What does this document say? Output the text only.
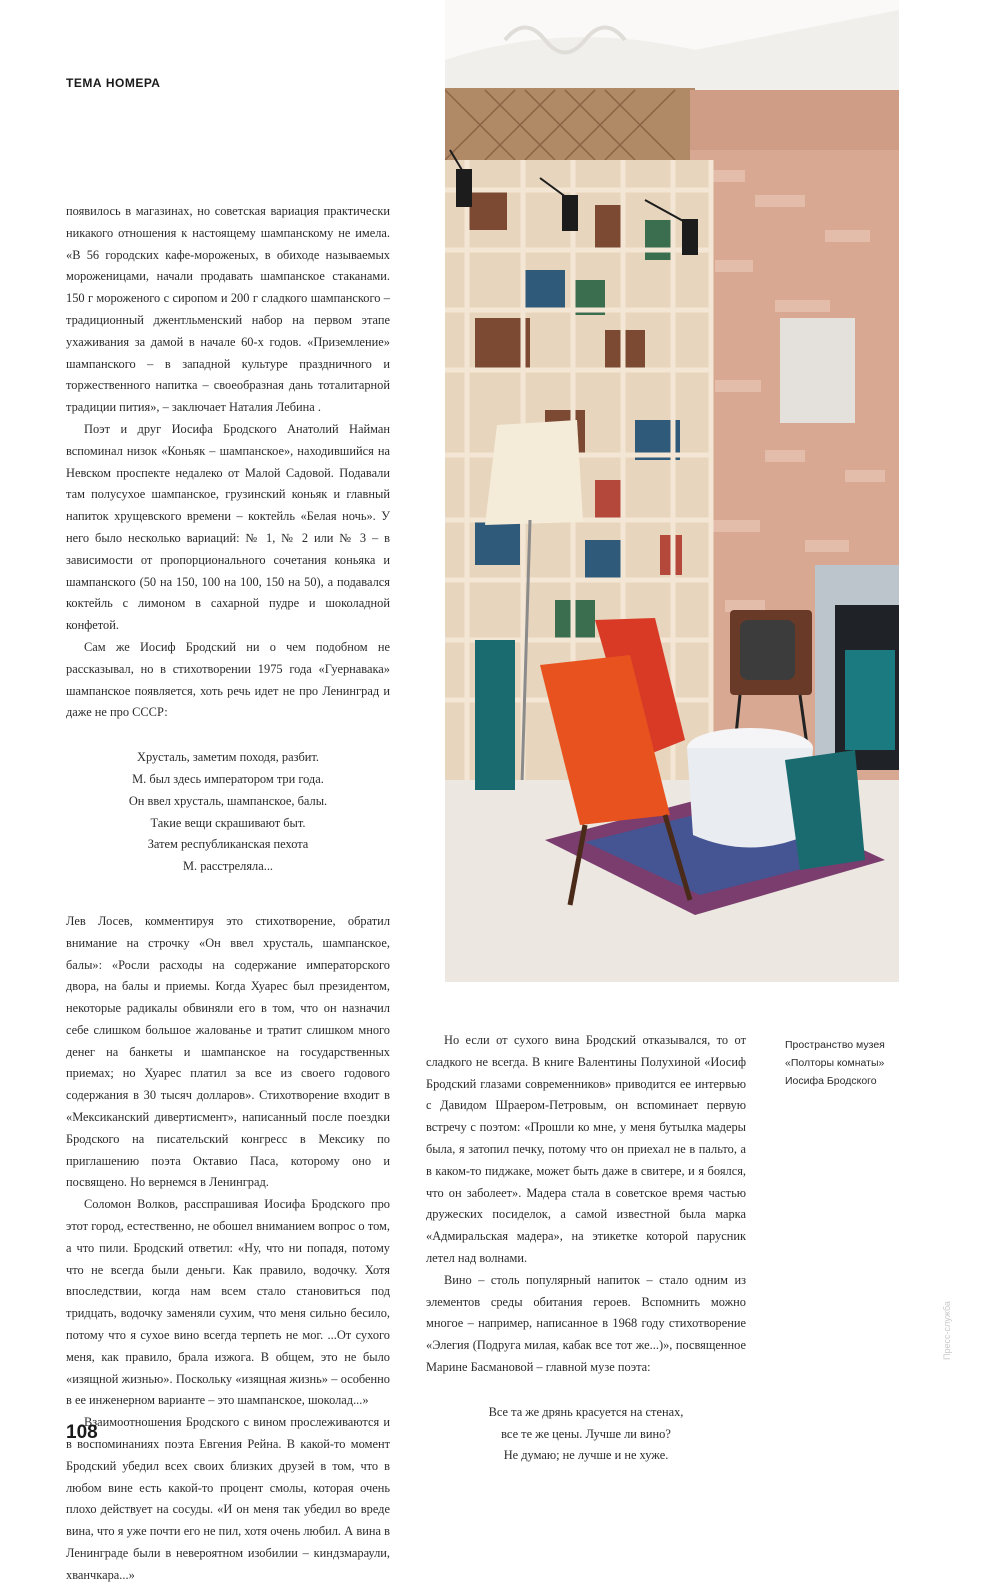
ТЕМА НОМЕРА

появилось в магазинах, но советская вариация практически никакого отношения к настоящему шампанскому не имела. «В 56 городских кафе-мороженых, в обиходе называемых мороженицами, начали продавать шампанское стаканами. 150 г мороженого с сиропом и 200 г сладкого шампанского – традиционный джентльменский набор на первом этапе ухаживания за дамой в начале 60-х годов. «Приземление» шампанского – в западной культуре праздничного и торжественного напитка – своеобразная дань тоталитарной традиции пития», – заключает Наталия Лебина .

Поэт и друг Иосифа Бродского Анатолий Найман вспоминал низок «Коньяк – шампанское», находившийся на Невском проспекте недалеко от Малой Садовой. Подавали там полусухое шампанское, грузинский коньяк и главный напиток хрущевского времени – коктейль «Белая ночь». У него было несколько вариаций: № 1, № 2 или № 3 – в зависимости от пропорционального сочетания коньяка и шампанского (50 на 150, 100 на 100, 150 на 50), а подавался коктейль с лимоном в сахарной пудре и шоколадной конфетой.

Сам же Иосиф Бродский ни о чем подобном не рассказывал, но в стихотворении 1975 года «Гуернавака» шампанское появляется, хоть речь идет не про Ленинград и даже не про СССР:

Хрусталь, заметим походя, разбит.
М. был здесь императором три года.
Он ввел хрусталь, шампанское, балы.
Такие вещи скрашивают быт.
Затем республиканская пехота
М. расстреляла...

Лев Лосев, комментируя это стихотворение, обратил внимание на строчку «Он ввел хрусталь, шампанское, балы»: «Росли расходы на содержание императорского двора, на балы и приемы. Когда Хуарес был президентом, некоторые радикалы обвиняли его в том, что он назначил себе слишком большое жалованье и тратит слишком много денег на банкеты и шампанское на государственных приемах; но Хуарес платил за все из своего годового содержания в 30 тысяч долларов». Стихотворение входит в «Мексиканский дивертисмент», написанный после поездки Бродского на писательский конгресс в Мексику по приглашению поэта Октавио Паса, которому оно и посвящено. Но вернемся в Ленинград.

Соломон Волков, расспрашивая Иосифа Бродского про этот город, естественно, не обошел вниманием вопрос о том, а что пили. Бродский ответил: «Ну, что ни попадя, потому что не всегда были деньги. Как правило, водочку. Хотя впоследствии, когда нам всем стало становиться под тридцать, водочку заменяли сухим, что меня сильно бесило, потому что я сухое вино всегда терпеть не мог. ...От сухого меня, как правило, брала изжога. В общем, это не было «изящной жизнью». Поскольку «изящная жизнь» – особенно в ее инженерном варианте – это шампанское, шоколад...»

Взаимоотношения Бродского с вином прослеживаются и в воспоминаниях поэта Евгения Рейна. В какой-то момент Бродский убедил всех своих близких друзей в том, что в любом вине есть какой-то процент смолы, которая очень плохо действует на сосуды. «И он меня так убедил во вреде вина, что я уже почти его не пил, хотя очень любил. А вина в Ленинграде были в невероятном изобилии – киндзмараули, хванчкара...»

Пространство музея
«Полторы комнаты»
Иосифа Бродского

Но если от сухого вина Бродский отказывался, то от сладкого не всегда. В книге Валентины Полухиной «Иосиф Бродский глазами современников» приводится ее интервью с Давидом Шраером-Петровым, он вспоминает первую встречу с поэтом: «Прошли ко мне, у меня бутылка мадеры была, я затопил печку, потому что он приехал не в пальто, а в каком-то пиджаке, может быть даже в свитере, и я боялся, что он заболеет». Мадера стала в советское время частью дружеских посиделок, а самой известной была марка «Адмиральская мадера», на этикетке которой парусник летел над волнами.

Вино – столь популярный напиток – стало одним из элементов среды обитания героев. Вспомнить можно многое – например, написанное в 1968 году стихотворение «Элегия (Подруга милая, кабак все тот же...)», посвященное Марине Басмановой – главной музе поэта:

Все та же дрянь красуется на стенах,
все те же цены. Лучше ли вино?
Не думаю; не лучше и не хуже.
Пресс-служба
108
